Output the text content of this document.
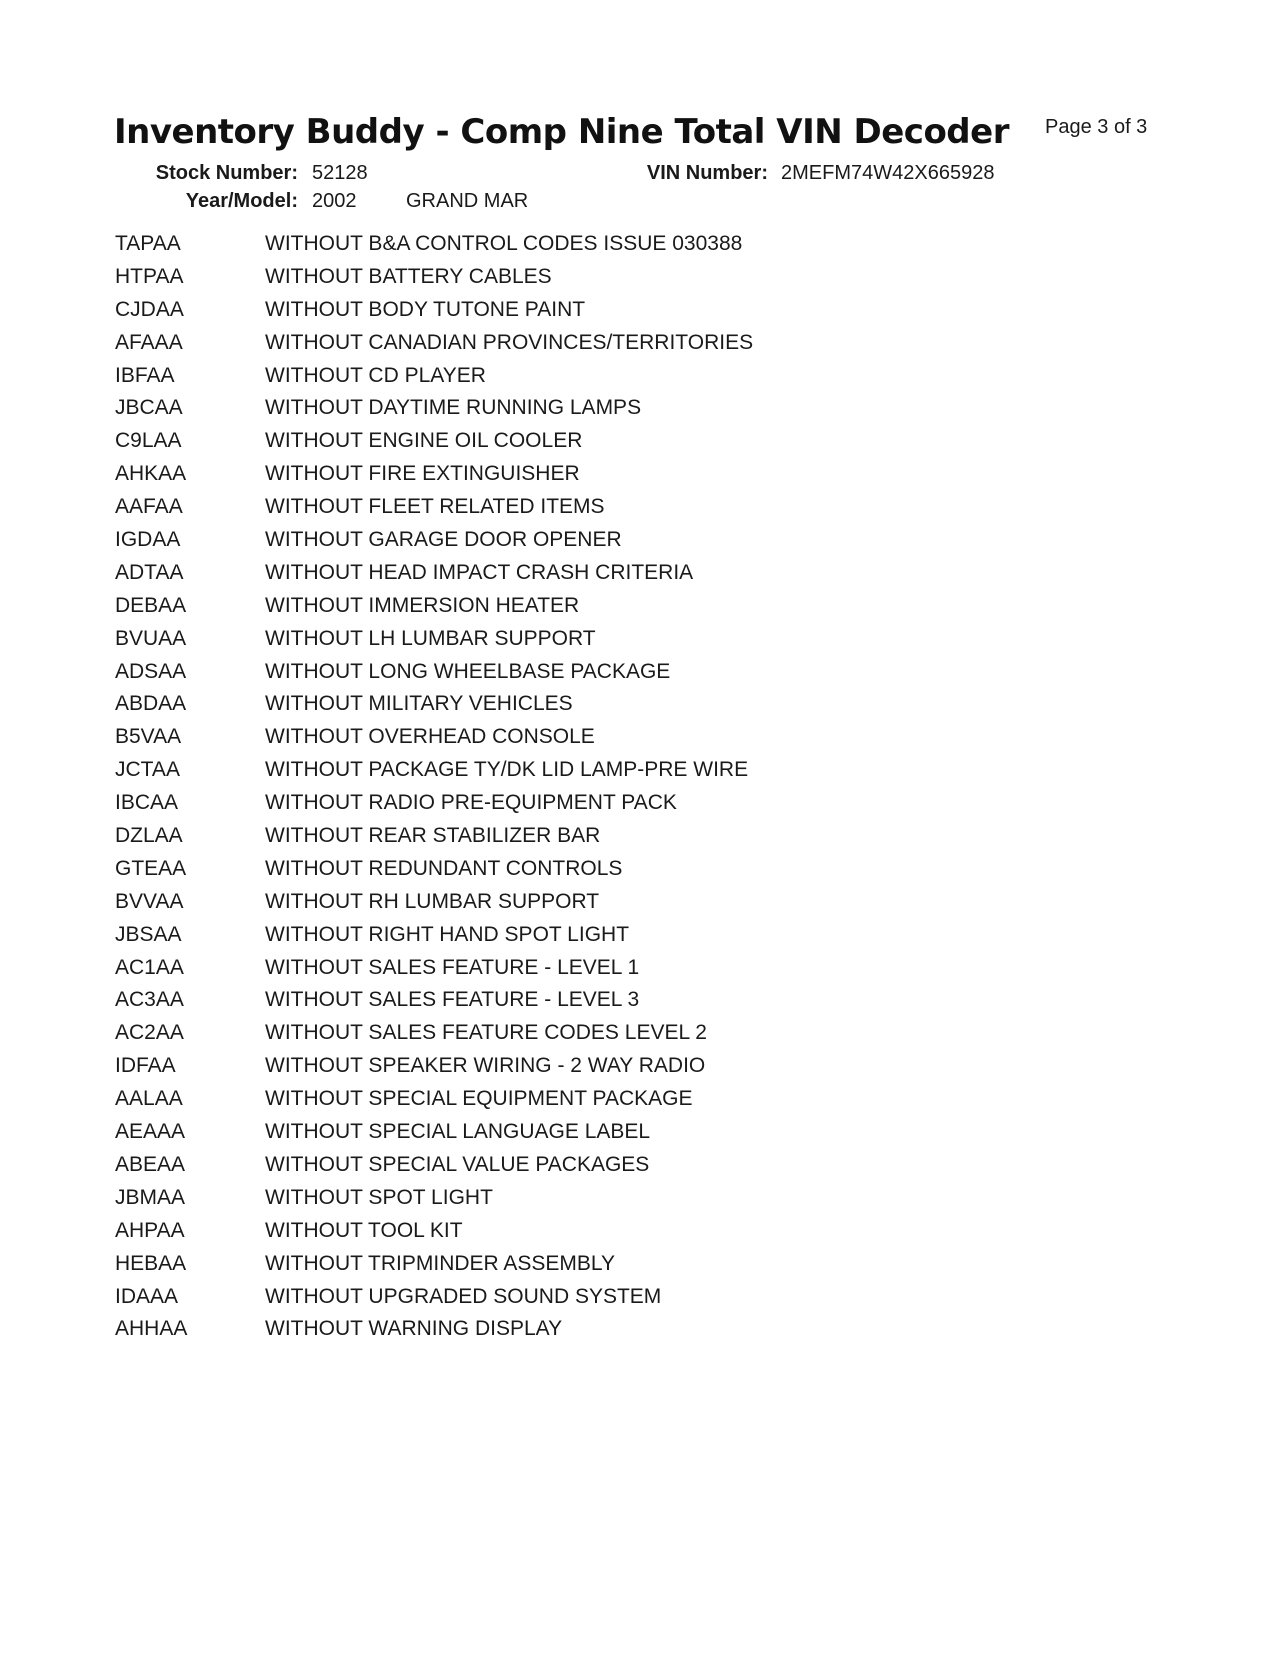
Inventory Buddy - Comp Nine Total VIN Decoder Page 3 of 3
Stock Number: 52128	VIN Number: 2MEFM74W42X665928
Year/Model: 2002 GRAND MAR
TAPAA	WITHOUT B&A CONTROL CODES ISSUE 030388
HTPAA	WITHOUT BATTERY CABLES
CJDAA	WITHOUT BODY TUTONE PAINT
AFAAA	WITHOUT CANADIAN PROVINCES/TERRITORIES
IBFAA	WITHOUT CD PLAYER
JBCAA	WITHOUT DAYTIME RUNNING LAMPS
C9LAA	WITHOUT ENGINE OIL COOLER
AHKAA	WITHOUT FIRE EXTINGUISHER
AAFAA	WITHOUT FLEET RELATED ITEMS
IGDAA	WITHOUT GARAGE DOOR OPENER
ADTAA	WITHOUT HEAD IMPACT CRASH CRITERIA
DEBAA	WITHOUT IMMERSION HEATER
BVUAA	WITHOUT LH LUMBAR SUPPORT
ADSAA	WITHOUT LONG WHEELBASE PACKAGE
ABDAA	WITHOUT MILITARY VEHICLES
B5VAA	WITHOUT OVERHEAD CONSOLE
JCTAA	WITHOUT PACKAGE TY/DK LID LAMP-PRE WIRE
IBCAA	WITHOUT RADIO PRE-EQUIPMENT PACK
DZLAA	WITHOUT REAR STABILIZER BAR
GTEAA	WITHOUT REDUNDANT CONTROLS
BVVAA	WITHOUT RH LUMBAR SUPPORT
JBSAA	WITHOUT RIGHT HAND SPOT LIGHT
AC1AA	WITHOUT SALES FEATURE - LEVEL 1
AC3AA	WITHOUT SALES FEATURE - LEVEL 3
AC2AA	WITHOUT SALES FEATURE CODES LEVEL 2
IDFAA	WITHOUT SPEAKER WIRING - 2 WAY RADIO
AALAA	WITHOUT SPECIAL EQUIPMENT PACKAGE
AEAAA	WITHOUT SPECIAL LANGUAGE LABEL
ABEAA	WITHOUT SPECIAL VALUE PACKAGES
JBMAA	WITHOUT SPOT LIGHT
AHPAA	WITHOUT TOOL KIT
HEBAA	WITHOUT TRIPMINDER ASSEMBLY
IDAAA	WITHOUT UPGRADED SOUND SYSTEM
AHHAA	WITHOUT WARNING DISPLAY
